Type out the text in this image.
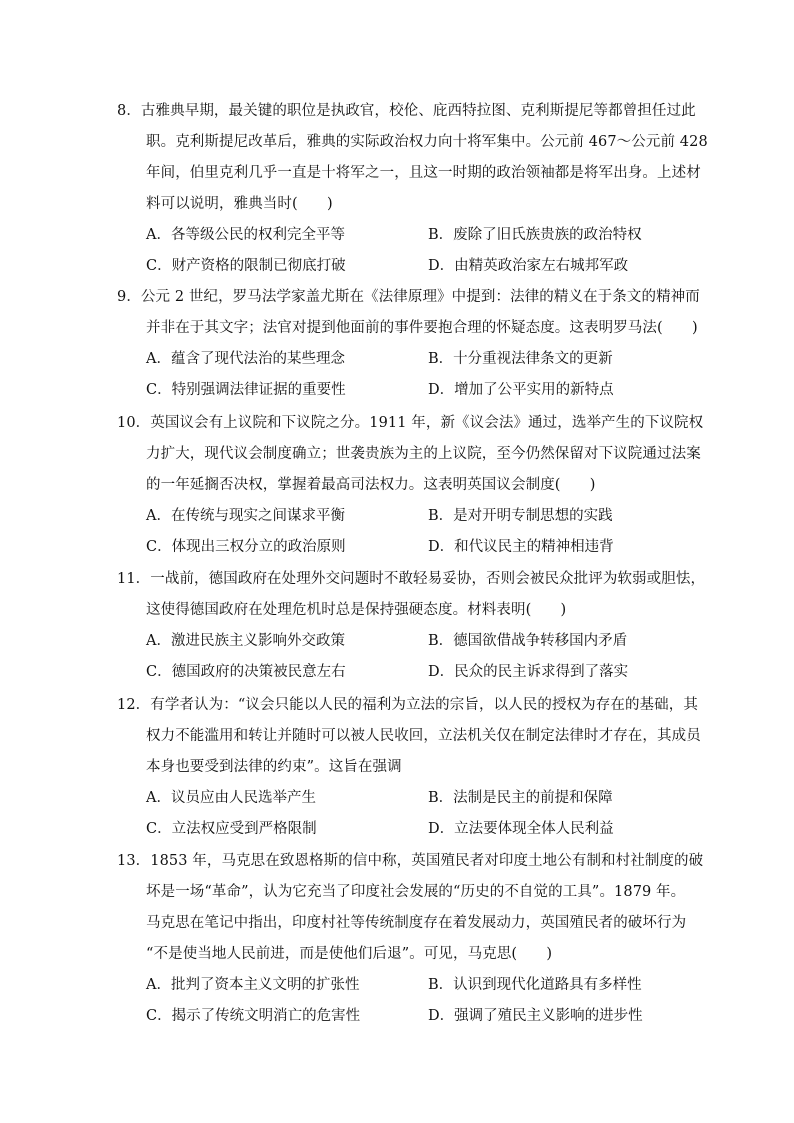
8．古雅典早期，最关键的职位是执政官，校伦、庇西特拉图、克利斯提尼等都曾担任过此
职。克利斯提尼改革后，雅典的实际政治权力向十将军集中。公元前 467～公元前 428
年间，伯里克利几乎一直是十将军之一，且这一时期的政治领袖都是将军出身。上述材
料可以说明，雅典当时(　　)
A．各等级公民的权利完全平等	B．废除了旧氏族贵族的政治特权
C．财产资格的限制已彻底打破	D．由精英政治家左右城邦军政
9．公元 2 世纪，罗马法学家盖尤斯在《法律原理》中提到：法律的精义在于条文的精神而
并非在于其文字；法官对提到他面前的事件要抱合理的怀疑态度。这表明罗马法(　　)
A．蕴含了现代法治的某些理念	B．十分重视法律条文的更新
C．特别强调法律证据的重要性	D．增加了公平实用的新特点
10．英国议会有上议院和下议院之分。1911 年，新《议会法》通过，选举产生的下议院权
力扩大，现代议会制度确立；世袭贵族为主的上议院，至今仍然保留对下议院通过法案
的一年延搁否决权，掌握着最高司法权力。这表明英国议会制度(　　)
A．在传统与现实之间谋求平衡	B．是对开明专制思想的实践
C．体现出三权分立的政治原则	D．和代议民主的精神相违背
11．一战前，德国政府在处理外交问题时不敢轻易妥协，否则会被民众批评为软弱或胆怯，
这使得德国政府在处理危机时总是保持强硬态度。材料表明(　　)
A．激进民族主义影响外交政策	B．德国欲借战争转移国内矛盾
C．德国政府的决策被民意左右	D．民众的民主诉求得到了落实
12．有学者认为：“议会只能以人民的福利为立法的宗旨，以人民的授权为存在的基础，其
权力不能滥用和转让并随时可以被人民收回，立法机关仅在制定法律时才存在，其成员
本身也要受到法律的约束”。这旨在强调
A．议员应由人民选举产生	B．法制是民主的前提和保障
C．立法权应受到严格限制	D．立法要体现全体人民利益
13．1853 年，马克思在致恩格斯的信中称，英国殖民者对印度土地公有制和村社制度的破
坏是一场“革命”，认为它充当了印度社会发展的“历史的不自觉的工具”。1879 年。
马克思在笔记中指出，印度村社等传统制度存在着发展动力，英国殖民者的破坏行为
“不是使当地人民前进，而是使他们后退”。可见，马克思(　　)
A．批判了资本主义文明的扩张性	B．认识到现代化道路具有多样性
C．揭示了传统文明消亡的危害性	D．强调了殖民主义影响的进步性
